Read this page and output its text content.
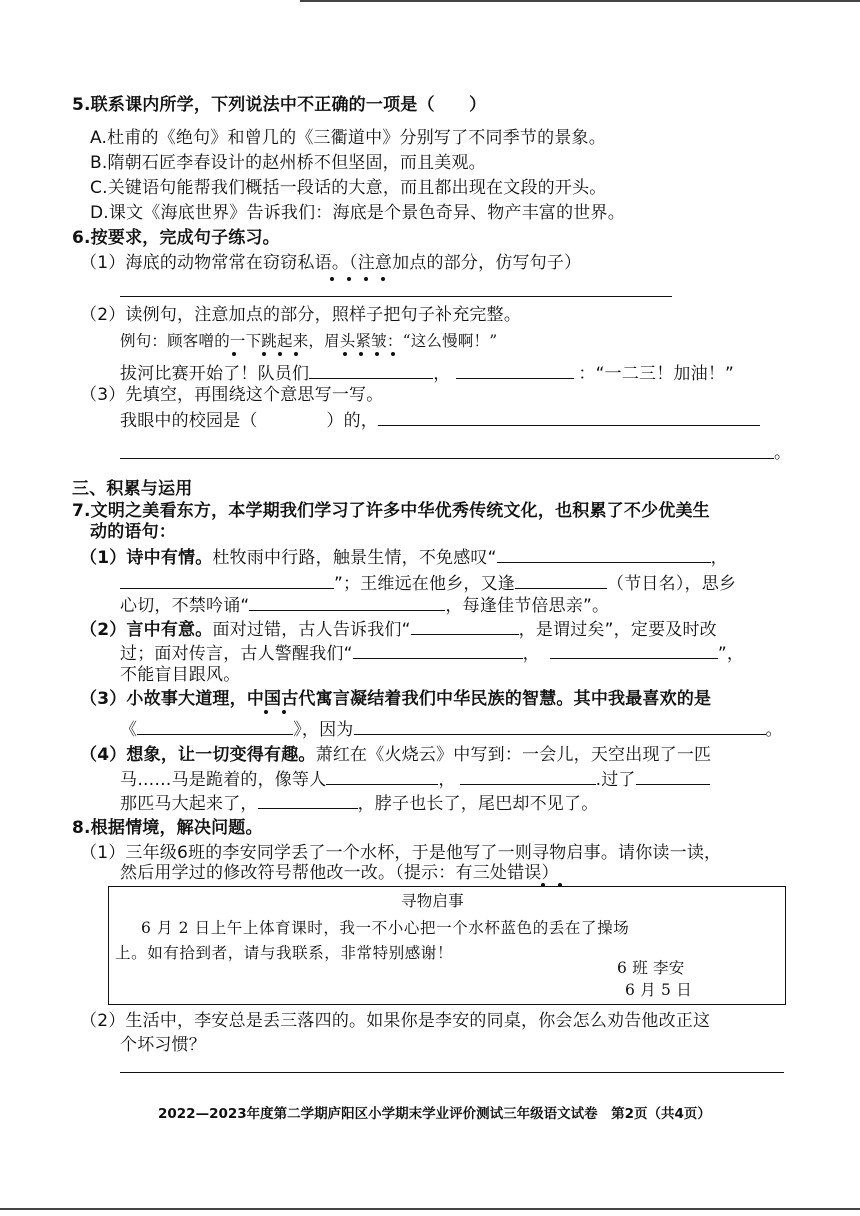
5.联系课内所学，下列说法中不正确的一项是（　　）
A.杜甫的《绝句》和曾几的《三衢道中》分别写了不同季节的景象。
B.隋朝石匠李春设计的赵州桥不但坚固，而且美观。
C.关键语句能帮我们概括一段话的大意，而且都出现在文段的开头。
D.课文《海底世界》告诉我们：海底是个景色奇异、物产丰富的世界。
6.按要求，完成句子练习。
（1）海底的动物常常在窃窃私语。（注意加点的部分，仿写句子）
（2）读例句，注意加点的部分，照样子把句子补充完整。
例句：顾客噌的一下跳起来，眉头紧皱：“这么慢啊！”
拔河比赛开始了！队员们	，	：“一二三！加油！”
（3）先填空，再围绕这个意思写一写。
我眼中的校园是（　　　　）的，
。
三、积累与运用
7.文明之美看东方，本学期我们学习了许多中华优秀传统文化，也积累了不少优美生
动的语句：
（1）诗中有情。杜牧雨中行路，触景生情，不免感叹“	，
”；王维远在他乡，又逢	（节日名），思乡
心切，不禁吟诵“	，每逢佳节倍思亲”。
（2）言中有意。面对过错，古人告诉我们“	，是谓过矣”，定要及时改
过；面对传言，古人警醒我们“	，	”，
不能盲目跟风。
（3）小故事大道理，中国古代寓言凝结着我们中华民族的智慧。其中我最喜欢的是
《	》，因为	。
（4）想象，让一切变得有趣。萧红在《火烧云》中写到：一会儿，天空出现了一匹
马……马是跪着的，像等人	，	.过了
那匹马大起来了，	，脖子也长了，尾巴却不见了。
8.根据情境，解决问题。
（1）三年级6班的李安同学丢了一个水杯，于是他写了一则寻物启事。请你读一读，
然后用学过的修改符号帮他改一改。（提示：有三处错误）
寻物启事
6 月 2 日上午上体育课时，我一不小心把一个水杯蓝色的丢在了操场
上。如有拾到者，请与我联系，非常特别感谢！
6 班 李安
6 月 5 日
（2）生活中，李安总是丢三落四的。如果你是李安的同桌，你会怎么劝告他改正这
个坏习惯？
2022—2023年度第二学期庐阳区小学期末学业评价测试三年级语文试卷　第2页（共4页）
